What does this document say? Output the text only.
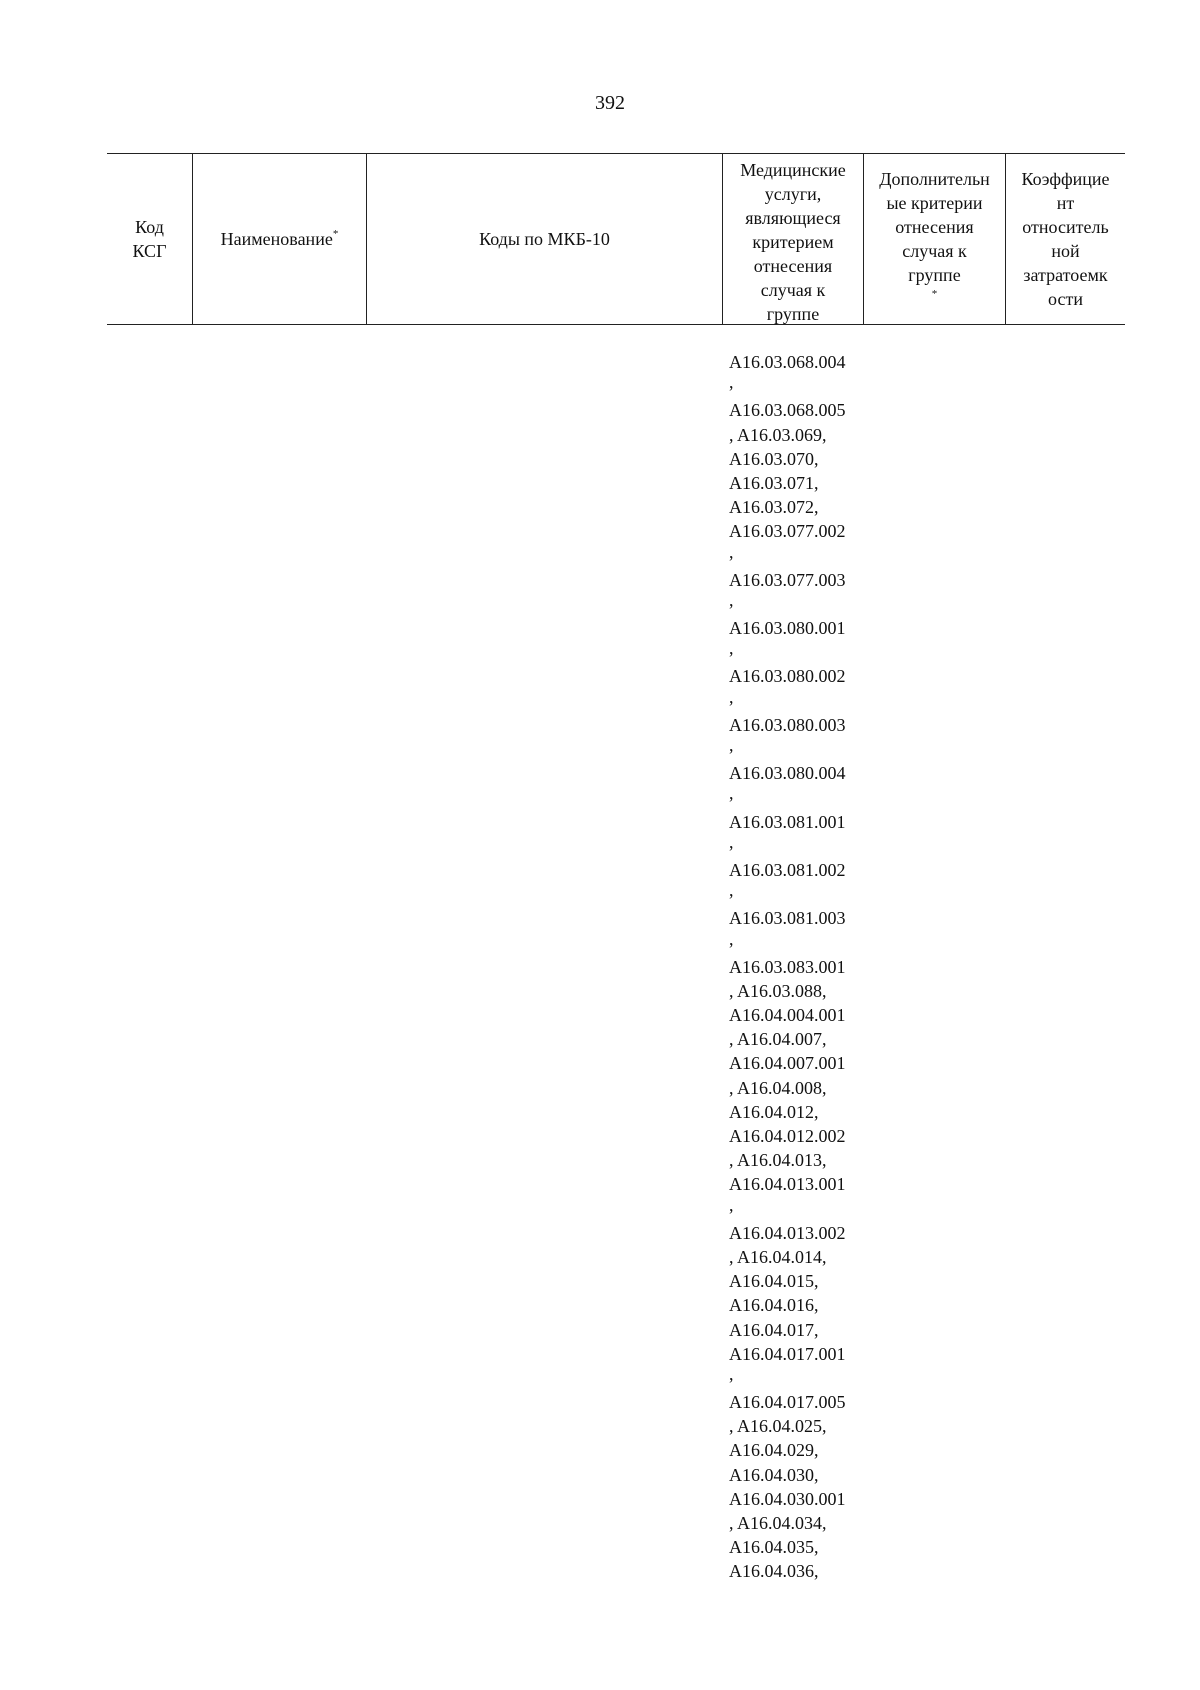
392
Код
КСГ
Наименование*	Коды по МКБ-10
Медицинские
услуги,
являющиеся
критерием
отнесения
случая к
группе
Дополнительн
ые критерии
отнесения
случая к
группе
*
Коэффицие
нт
относитель
ной
затратоемк
ости
A16.03.068.004
,
A16.03.068.005
, A16.03.069,
A16.03.070,
A16.03.071,
A16.03.072,
A16.03.077.002
,
A16.03.077.003
,
A16.03.080.001
,
A16.03.080.002
,
A16.03.080.003
,
A16.03.080.004
,
A16.03.081.001
,
A16.03.081.002
,
A16.03.081.003
,
A16.03.083.001
, A16.03.088,
A16.04.004.001
, A16.04.007,
A16.04.007.001
, A16.04.008,
A16.04.012,
A16.04.012.002
, A16.04.013,
A16.04.013.001
,
A16.04.013.002
, A16.04.014,
A16.04.015,
A16.04.016,
A16.04.017,
A16.04.017.001
,
A16.04.017.005
, A16.04.025,
A16.04.029,
A16.04.030,
A16.04.030.001
, A16.04.034,
A16.04.035,
A16.04.036,
